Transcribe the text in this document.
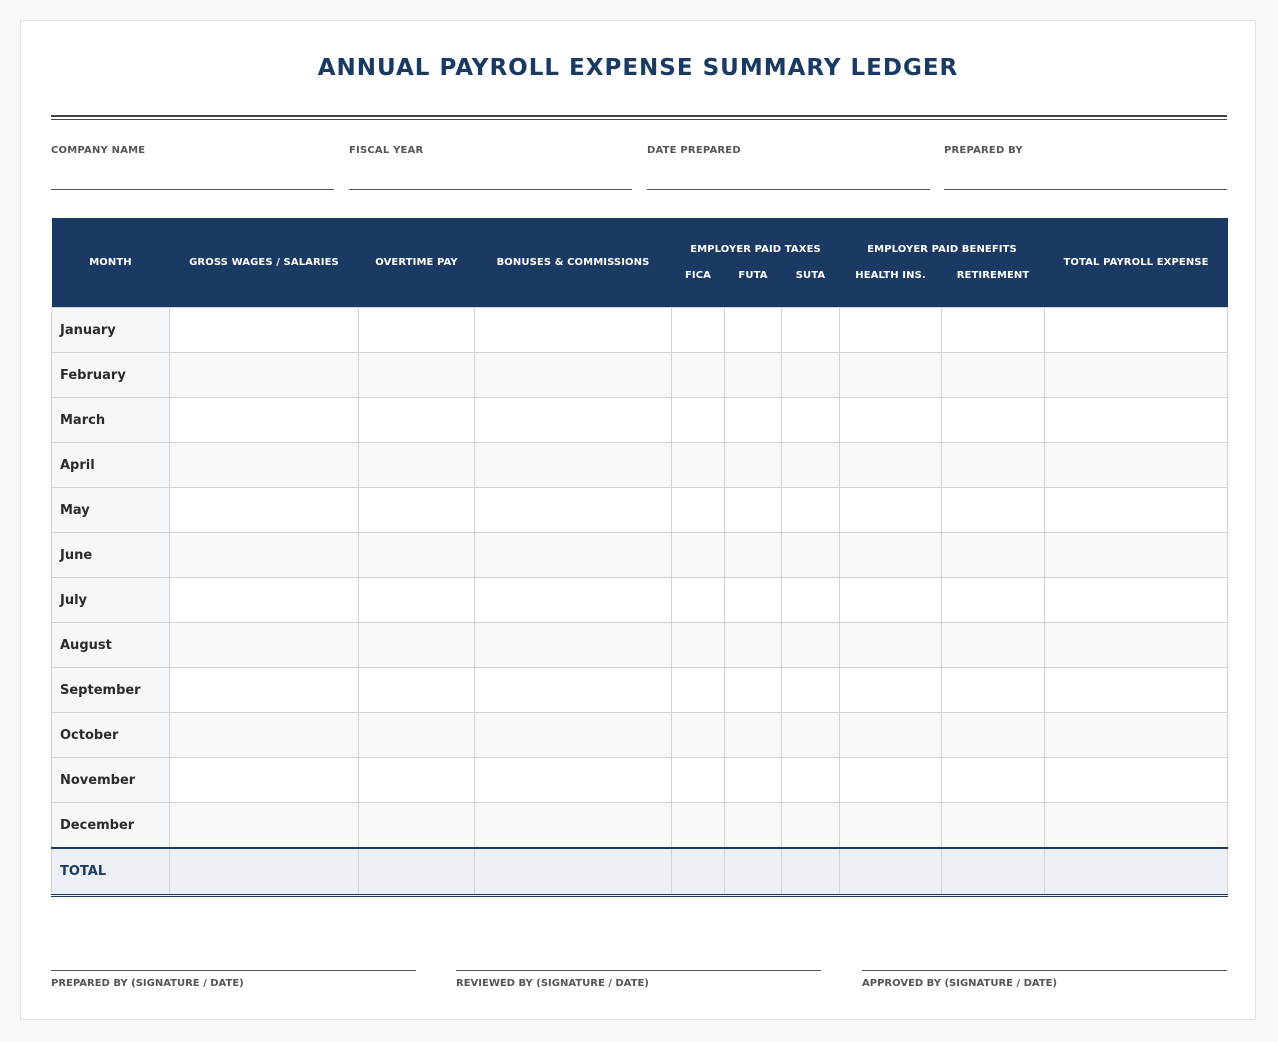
ANNUAL PAYROLL EXPENSE SUMMARY LEDGER
COMPANY NAME	FISCAL YEAR	DATE PREPARED	PREPARED BY
MONTH	GROSS WAGES / SALARIES	OVERTIME PAY	BONUSES & COMMISSIONS	EMPLOYER PAID TAXES			EMPLOYER PAID BENEFITS		TOTAL PAYROLL EXPENSE
				FICA	FUTA	SUTA	HEALTH INS.	RETIREMENT	
January									
February									
March									
April									
May									
June									
July									
August									
September									
October									
November									
December									
TOTAL									
PREPARED BY (SIGNATURE / DATE)	REVIEWED BY (SIGNATURE / DATE)	APPROVED BY (SIGNATURE / DATE)
